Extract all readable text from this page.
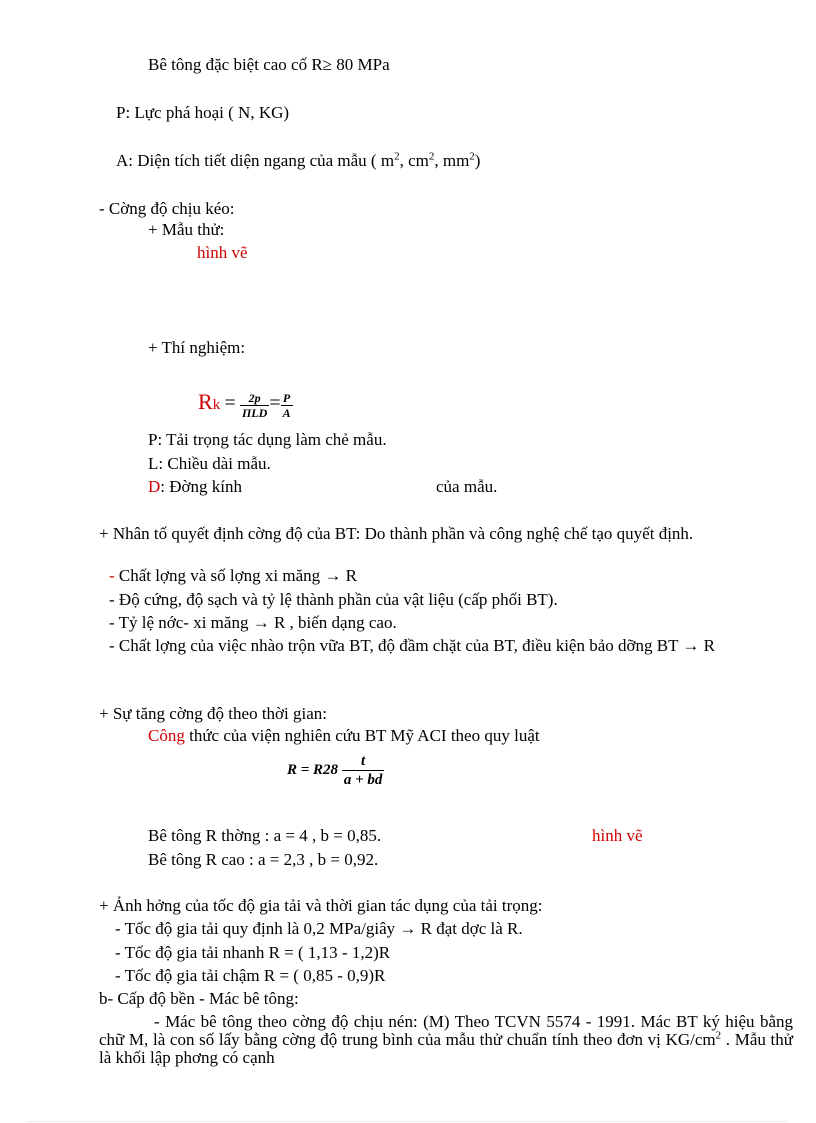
Bê tông đặc biệt cao cố R≥ 80 MPa
P: Lực phá hoại ( N, KG)
A: Diện tích tiết diện ngang của mẫu ( $m^2$, $cm^2$, $mm^2$)
- Cờng độ chịu kéo:
+ Mẫu thử:
hình vẽ
+ Thí nghiệm:
$Rk = \frac{2p}{\text{ΠLD}} = \frac{P}{A}$
P: Tải trọng tác dụng làm chẻ mẫu.
L: Chiều dài mẫu.
D: Đờng kính	của mẫu.
+ Nhân tố quyết định cờng độ của BT: Do thành phần và công nghệ chế tạo quyết định.
- Chất lợng và số lợng xi măng → R
- Độ cứng, độ sạch và tỷ lệ thành phần của vật liệu (cấp phối BT).
- Tỷ lệ nớc- xi măng → R , biến dạng cao.
- Chất lợng của việc nhào trộn vữa BT, độ đầm chặt của BT, điều kiện bảo dỡng BT → R
+ Sự tăng cờng độ theo thời gian:
Công thức của viện nghiên cứu BT Mỹ ACI theo quy luật
$R = R28 \frac{t}{a + bd}$
Bê tông R thờng : a = 4 , b = 0,85.	hình vẽ
Bê tông R cao : a = 2,3 , b = 0,92.
+ Ảnh hởng của tốc độ gia tải và thời gian tác dụng của tải trọng:
- Tốc độ gia tải quy định là 0,2 MPa/giây → R đạt dợc là R.
- Tốc độ gia tải nhanh R = ( 1,13 - 1,2)R
- Tốc độ gia tải chậm R = ( 0,85 - 0,9)R
b- Cấp độ bền - Mác bê tông:
- Mác bê tông theo cờng độ chịu nén: (M) Theo TCVN 5574 - 1991. Mác BT ký hiệu bằng chữ M, là con số lấy bằng cờng độ trung bình của mẫu thử chuẩn tính theo đơn vị $KG/cm^2$ . Mẫu thử là khối lập phơng có cạnh
